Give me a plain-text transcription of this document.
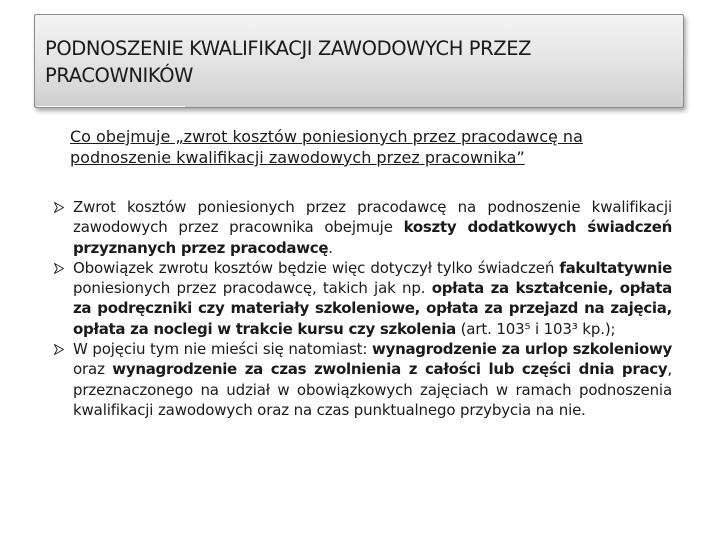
PODNOSZENIE KWALIFIKACJI ZAWODOWYCH PRZEZ
PRACOWNIKÓW

Co obejmuje „zwrot kosztów poniesionych przez pracodawcę na podnoszenie kwalifikacji zawodowych przez pracownika”

Zwrot kosztów poniesionych przez pracodawcę na podnoszenie kwalifikacji zawodowych przez pracownika obejmuje koszty dodatkowych świadczeń przyznanych przez pracodawcę.
Obowiązek zwrotu kosztów będzie więc dotyczył tylko świadczeń fakultatywnie poniesionych przez pracodawcę, takich jak np. opłata za kształcenie, opłata za podręczniki czy materiały szkoleniowe, opłata za przejazd na zajęcia, opłata za noclegi w trakcie kursu czy szkolenia (art. 103⁵ i 103³ kp.);
W pojęciu tym nie mieści się natomiast: wynagrodzenie za urlop szkoleniowy oraz wynagrodzenie za czas zwolnienia z całości lub części dnia pracy, przeznaczonego na udział w obowiązkowych zajęciach w ramach podnoszenia kwalifikacji zawodowych oraz na czas punktualnego przybycia na nie.
